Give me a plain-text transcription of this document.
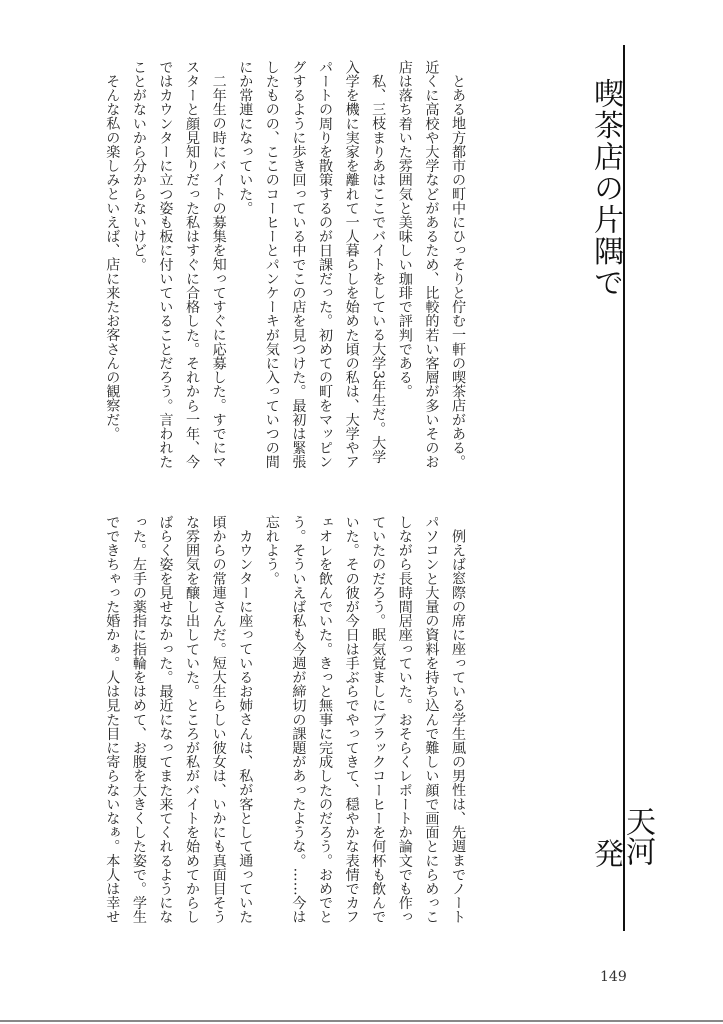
喫茶店の片隅で
天河
発
とある地方都市の町中にひっそりと佇む一軒の喫茶店がある。
近くに高校や大学などがあるため、比較的若い客層が多いそのお
店は落ち着いた雰囲気と美味しい珈琲で評判である。
私、三枝まりあはここでバイトをしている大学3年生だ。大学
入学を機に実家を離れて一人暮らしを始めた頃の私は、大学やア
パートの周りを散策するのが日課だった。初めての町をマッピン
グするように歩き回っている中でこの店を見つけた。最初は緊張
したものの、ここのコーヒーとパンケーキが気に入っていつの間
にか常連になっていた。
二年生の時にバイトの募集を知ってすぐに応募した。すでにマ
スターと顔見知りだった私はすぐに合格した。それから一年、今
ではカウンターに立つ姿も板に付いていることだろう。言われた
ことがないから分からないけど。
そんな私の楽しみといえば、店に来たお客さんの観察だ。
例えば窓際の席に座っている学生風の男性は、先週までノート
パソコンと大量の資料を持ち込んで難しい顔で画面とにらめっこ
しながら長時間居座っていた。おそらくレポートか論文でも作っ
ていたのだろう。眠気覚ましにブラックコーヒーを何杯も飲んで
いた。その彼が今日は手ぶらでやってきて、穏やかな表情でカフ
ェオレを飲んでいた。きっと無事に完成したのだろう。おめでと
う。そういえば私も今週が締切の課題があったような。……今は
忘れよう。
カウンターに座っているお姉さんは、私が客として通っていた
頃からの常連さんだ。短大生らしい彼女は、いかにも真面目そう
な雰囲気を醸し出していた。ところが私がバイトを始めてからし
ばらく姿を見せなかった。最近になってまた来てくれるようにな
った。左手の薬指に指輪をはめて、お腹を大きくした姿で。学生
でできちゃった婚かぁ。人は見た目に寄らないなぁ。本人は幸せ
149
